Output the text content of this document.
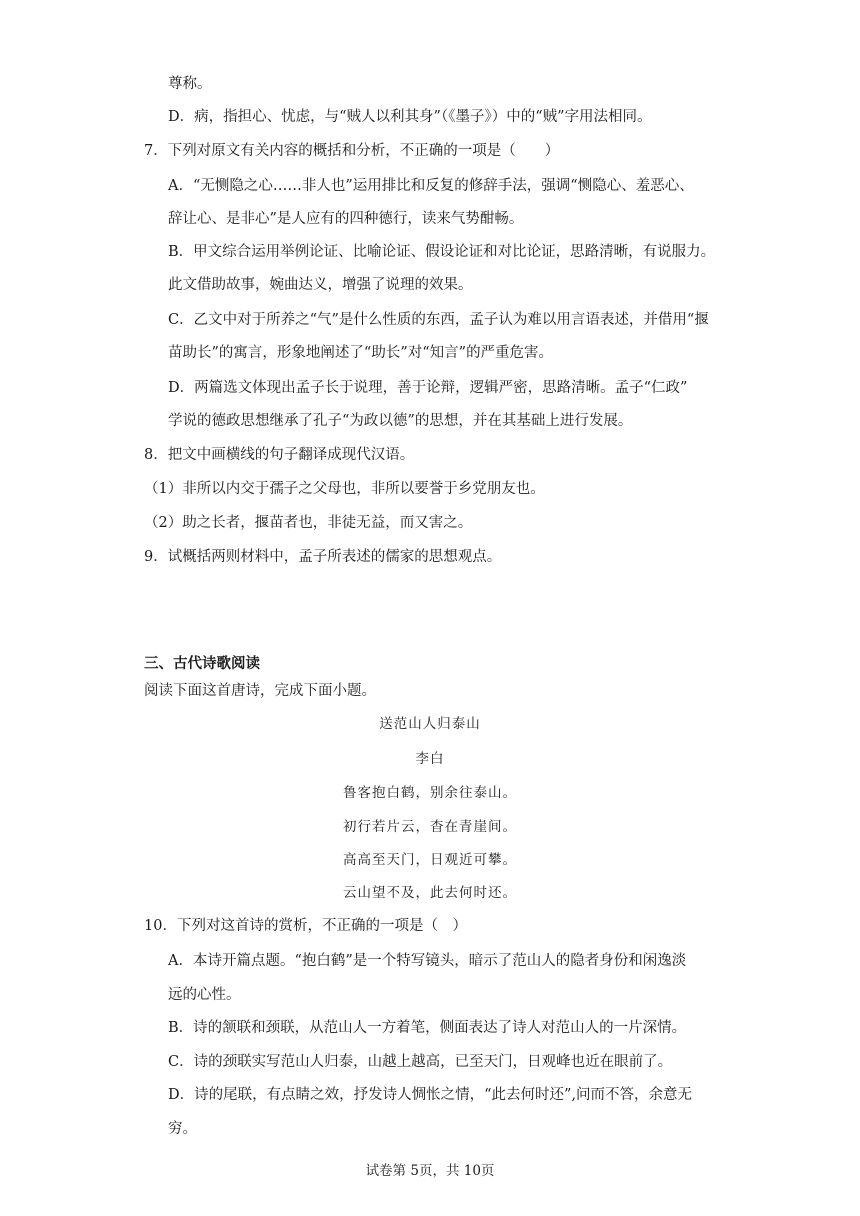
尊称。
D．病，指担心、忧虑，与“贼人以利其身”（《墨子》）中的“贼”字用法相同。
7．下列对原文有关内容的概括和分析，不正确的一项是（　　）
A．“无恻隐之心……非人也”运用排比和反复的修辞手法，强调“恻隐心、羞恶心、
辞让心、是非心”是人应有的四种德行，读来气势酣畅。
B．甲文综合运用举例论证、比喻论证、假设论证和对比论证，思路清晰，有说服力。
此文借助故事，婉曲达义，增强了说理的效果。
C．乙文中对于所养之“气”是什么性质的东西，孟子认为难以用言语表述，并借用“揠
苗助长”的寓言，形象地阐述了“助长”对“知言”的严重危害。
D．两篇选文体现出孟子长于说理，善于论辩，逻辑严密，思路清晰。孟子“仁政”
学说的德政思想继承了孔子“为政以德”的思想，并在其基础上进行发展。
8．把文中画横线的句子翻译成现代汉语。
（1）非所以内交于孺子之父母也，非所以要誉于乡党朋友也。
（2）助之长者，揠苗者也，非徒无益，而又害之。
9．试概括两则材料中，孟子所表述的儒家的思想观点。
三、古代诗歌阅读
阅读下面这首唐诗，完成下面小题。
送范山人归泰山
李白
鲁客抱白鹤，别余往泰山。
初行若片云，杳在青崖间。
高高至天门，日观近可攀。
云山望不及，此去何时还。
10．下列对这首诗的赏析，不正确的一项是（　）
A．本诗开篇点题。“抱白鹤”是一个特写镜头，暗示了范山人的隐者身份和闲逸淡
远的心性。
B．诗的颔联和颈联，从范山人一方着笔，侧面表达了诗人对范山人的一片深情。
C．诗的颈联实写范山人归泰，山越上越高，已至天门，日观峰也近在眼前了。
D．诗的尾联，有点睛之效，抒发诗人惆怅之情，“此去何时还”,问而不答，余意无
穷。
试卷第 5页，共 10页
